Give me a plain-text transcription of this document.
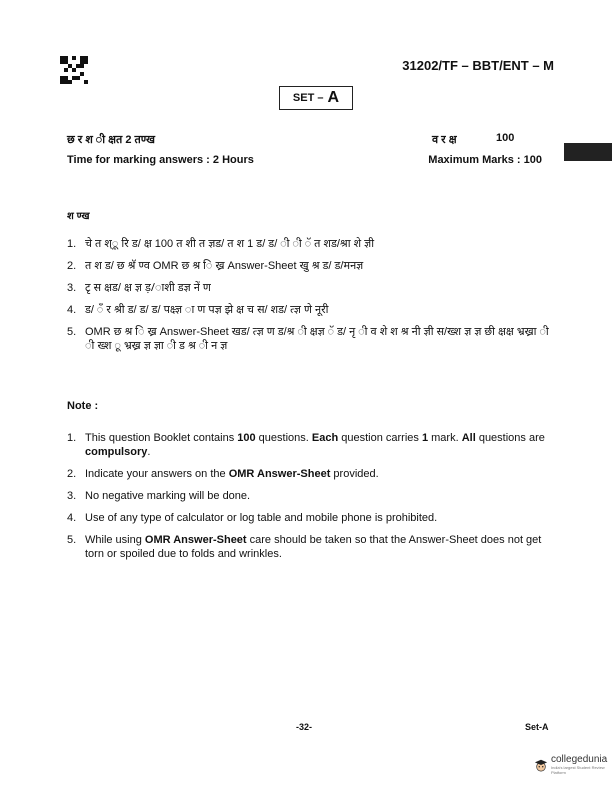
31202/TF – BBT/ENT – M
SET – A
छ र श ी क्षत 2 तण्ख	व र क्ष	100
Time for marking answers : 2 Hours	Maximum Marks : 100
श ण्ख
1. चे त श्ू रि ड/ क्ष 100 त शी त ज्ञड/ त श 1 ड/ ड/ ी ी ॅ त शड/श्रा शे ज्ञी
2. त श ड/ छ श्रॅ ण्व OMR छ श्र ि ख्र Answer-Sheet खु श्र ड/ ड/मनज्ञ
3. टृ स क्षड/ क्ष ज्ञ ड़/ाशी डज्ञ नें ण
4. ड/ ँ र श्री ड/ ड/ ड/ पक्ष्ज्ञ ा ण पज्ञ झे क्ष च स/ शड/ त्ज्ञ णे नूरी
5. OMR छ श्र ि ख्र Answer-Sheet खड/ त्ज्ञ ण ड/श्र ी क्षज्ञ ॅ ड/ नृ ी व शे श श्र नी ज्ञी स/ख्श ज्ञ ज्ञ छी क्षक्ष भ्रख्रा ी ी ख्श ू भ्रख्र ज्ञ ज्ञा ी ड श्र ी न ज्ञ
Note :
1. This question Booklet contains 100 questions. Each question carries 1 mark. All questions are compulsory.
2. Indicate your answers on the OMR Answer-Sheet provided.
3. No negative marking will be done.
4. Use of any type of calculator or log table and mobile phone is prohibited.
5. While using OMR Answer-Sheet care should be taken so that the Answer-Sheet does not get torn or spoiled due to folds and wrinkles.
-32-	Set-A
collegedunia
India's largest Student Review Platform
